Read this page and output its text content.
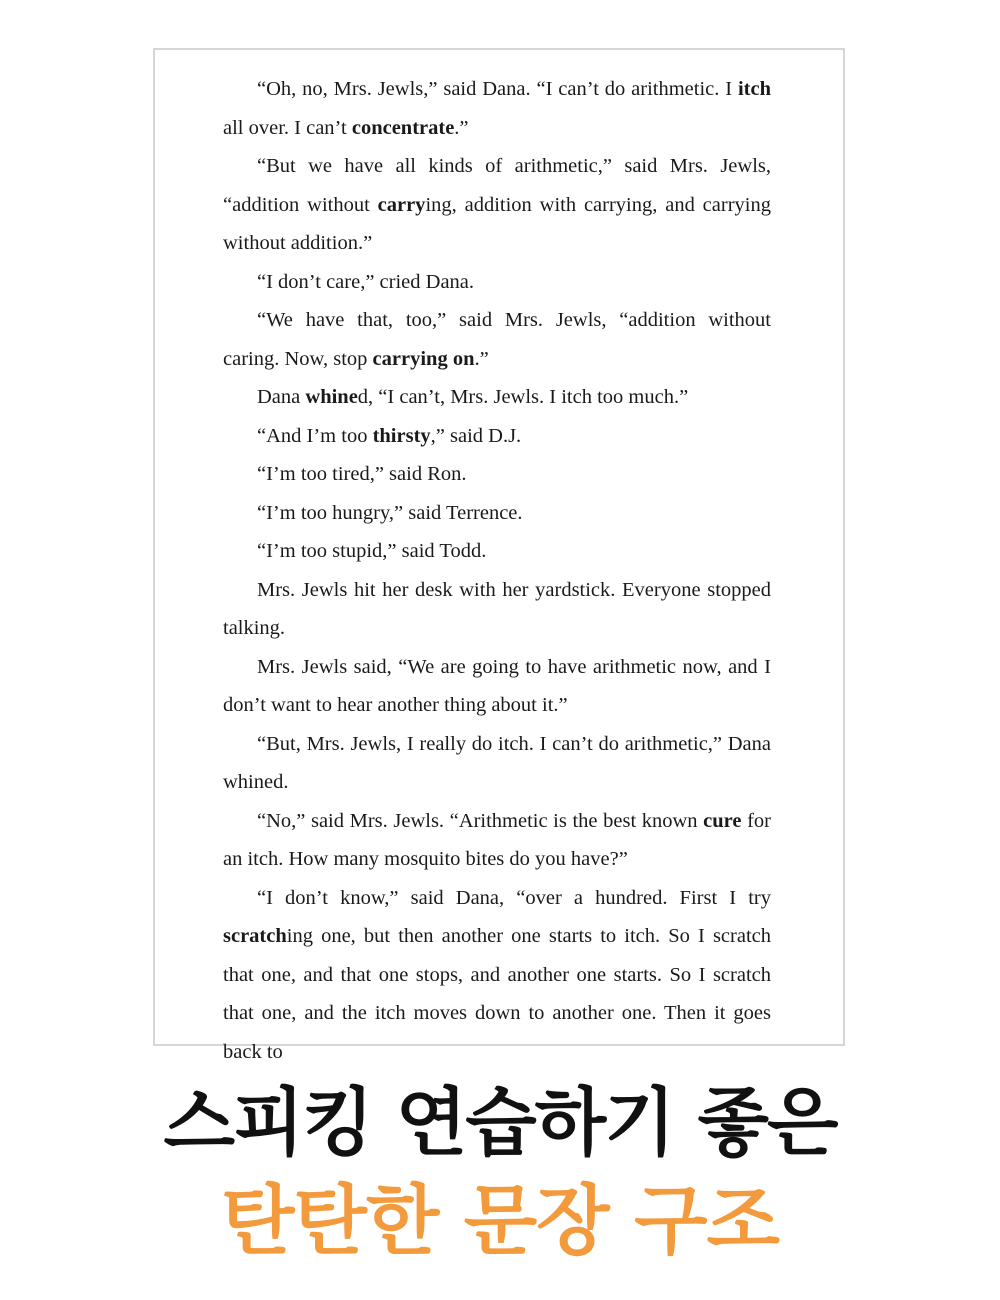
“Oh, no, Mrs. Jewls,” said Dana. “I can’t do arithmetic. I itch all over. I can’t concentrate.”

“But we have all kinds of arithmetic,” said Mrs. Jewls, “addition without carrying, addition with carrying, and carrying without addition.”

“I don’t care,” cried Dana.

“We have that, too,” said Mrs. Jewls, “addition without caring. Now, stop carrying on.”

Dana whined, “I can’t, Mrs. Jewls. I itch too much.”

“And I’m too thirsty,” said D.J.

“I’m too tired,” said Ron.

“I’m too hungry,” said Terrence.

“I’m too stupid,” said Todd.

Mrs. Jewls hit her desk with her yardstick. Everyone stopped talking.

Mrs. Jewls said, “We are going to have arithmetic now, and I don’t want to hear another thing about it.”

“But, Mrs. Jewls, I really do itch. I can’t do arithmetic,” Dana whined.

“No,” said Mrs. Jewls. “Arithmetic is the best known cure for an itch. How many mosquito bites do you have?”

“I don’t know,” said Dana, “over a hundred. First I try scratching one, but then another one starts to itch. So I scratch that one, and that one stops, and another one starts. So I scratch that one, and the itch moves down to another one. Then it goes back to

스피킹 연습하기 좋은
탄탄한 문장 구조
